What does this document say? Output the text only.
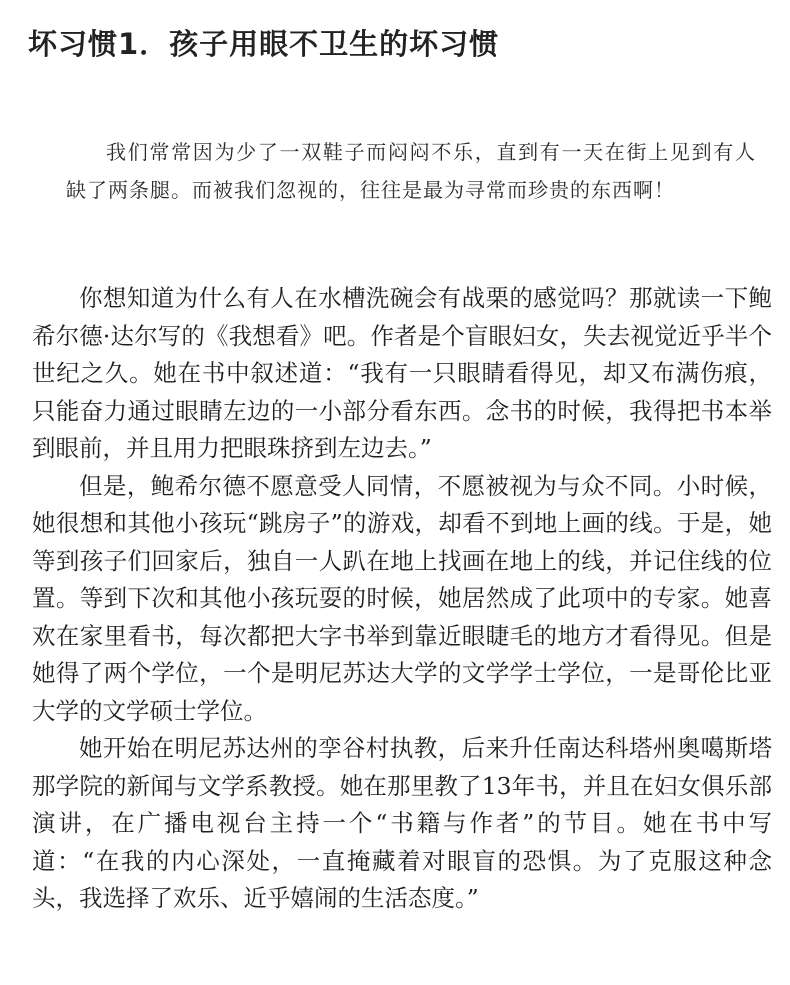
坏习惯1．孩子用眼不卫生的坏习惯

我们常常因为少了一双鞋子而闷闷不乐，直到有一天在街上见到有人缺了两条腿。而被我们忽视的，往往是最为寻常而珍贵的东西啊！

你想知道为什么有人在水槽洗碗会有战栗的感觉吗？那就读一下鲍希尔德·达尔写的《我想看》吧。作者是个盲眼妇女，失去视觉近乎半个世纪之久。她在书中叙述道：“我有一只眼睛看得见，却又布满伤痕，只能奋力通过眼睛左边的一小部分看东西。念书的时候，我得把书本举到眼前，并且用力把眼珠挤到左边去。”

但是，鲍希尔德不愿意受人同情，不愿被视为与众不同。小时候，她很想和其他小孩玩“跳房子”的游戏，却看不到地上画的线。于是，她等到孩子们回家后，独自一人趴在地上找画在地上的线，并记住线的位置。等到下次和其他小孩玩耍的时候，她居然成了此项中的专家。她喜欢在家里看书，每次都把大字书举到靠近眼睫毛的地方才看得见。但是她得了两个学位，一个是明尼苏达大学的文学学士学位，一是哥伦比亚大学的文学硕士学位。

她开始在明尼苏达州的孪谷村执教，后来升任南达科塔州奥噶斯塔那学院的新闻与文学系教授。她在那里教了13年书，并且在妇女俱乐部演讲，在广播电视台主持一个“书籍与作者”的节目。她在书中写道：“在我的内心深处，一直掩藏着对眼盲的恐惧。为了克服这种念头，我选择了欢乐、近乎嬉闹的生活态度。”
